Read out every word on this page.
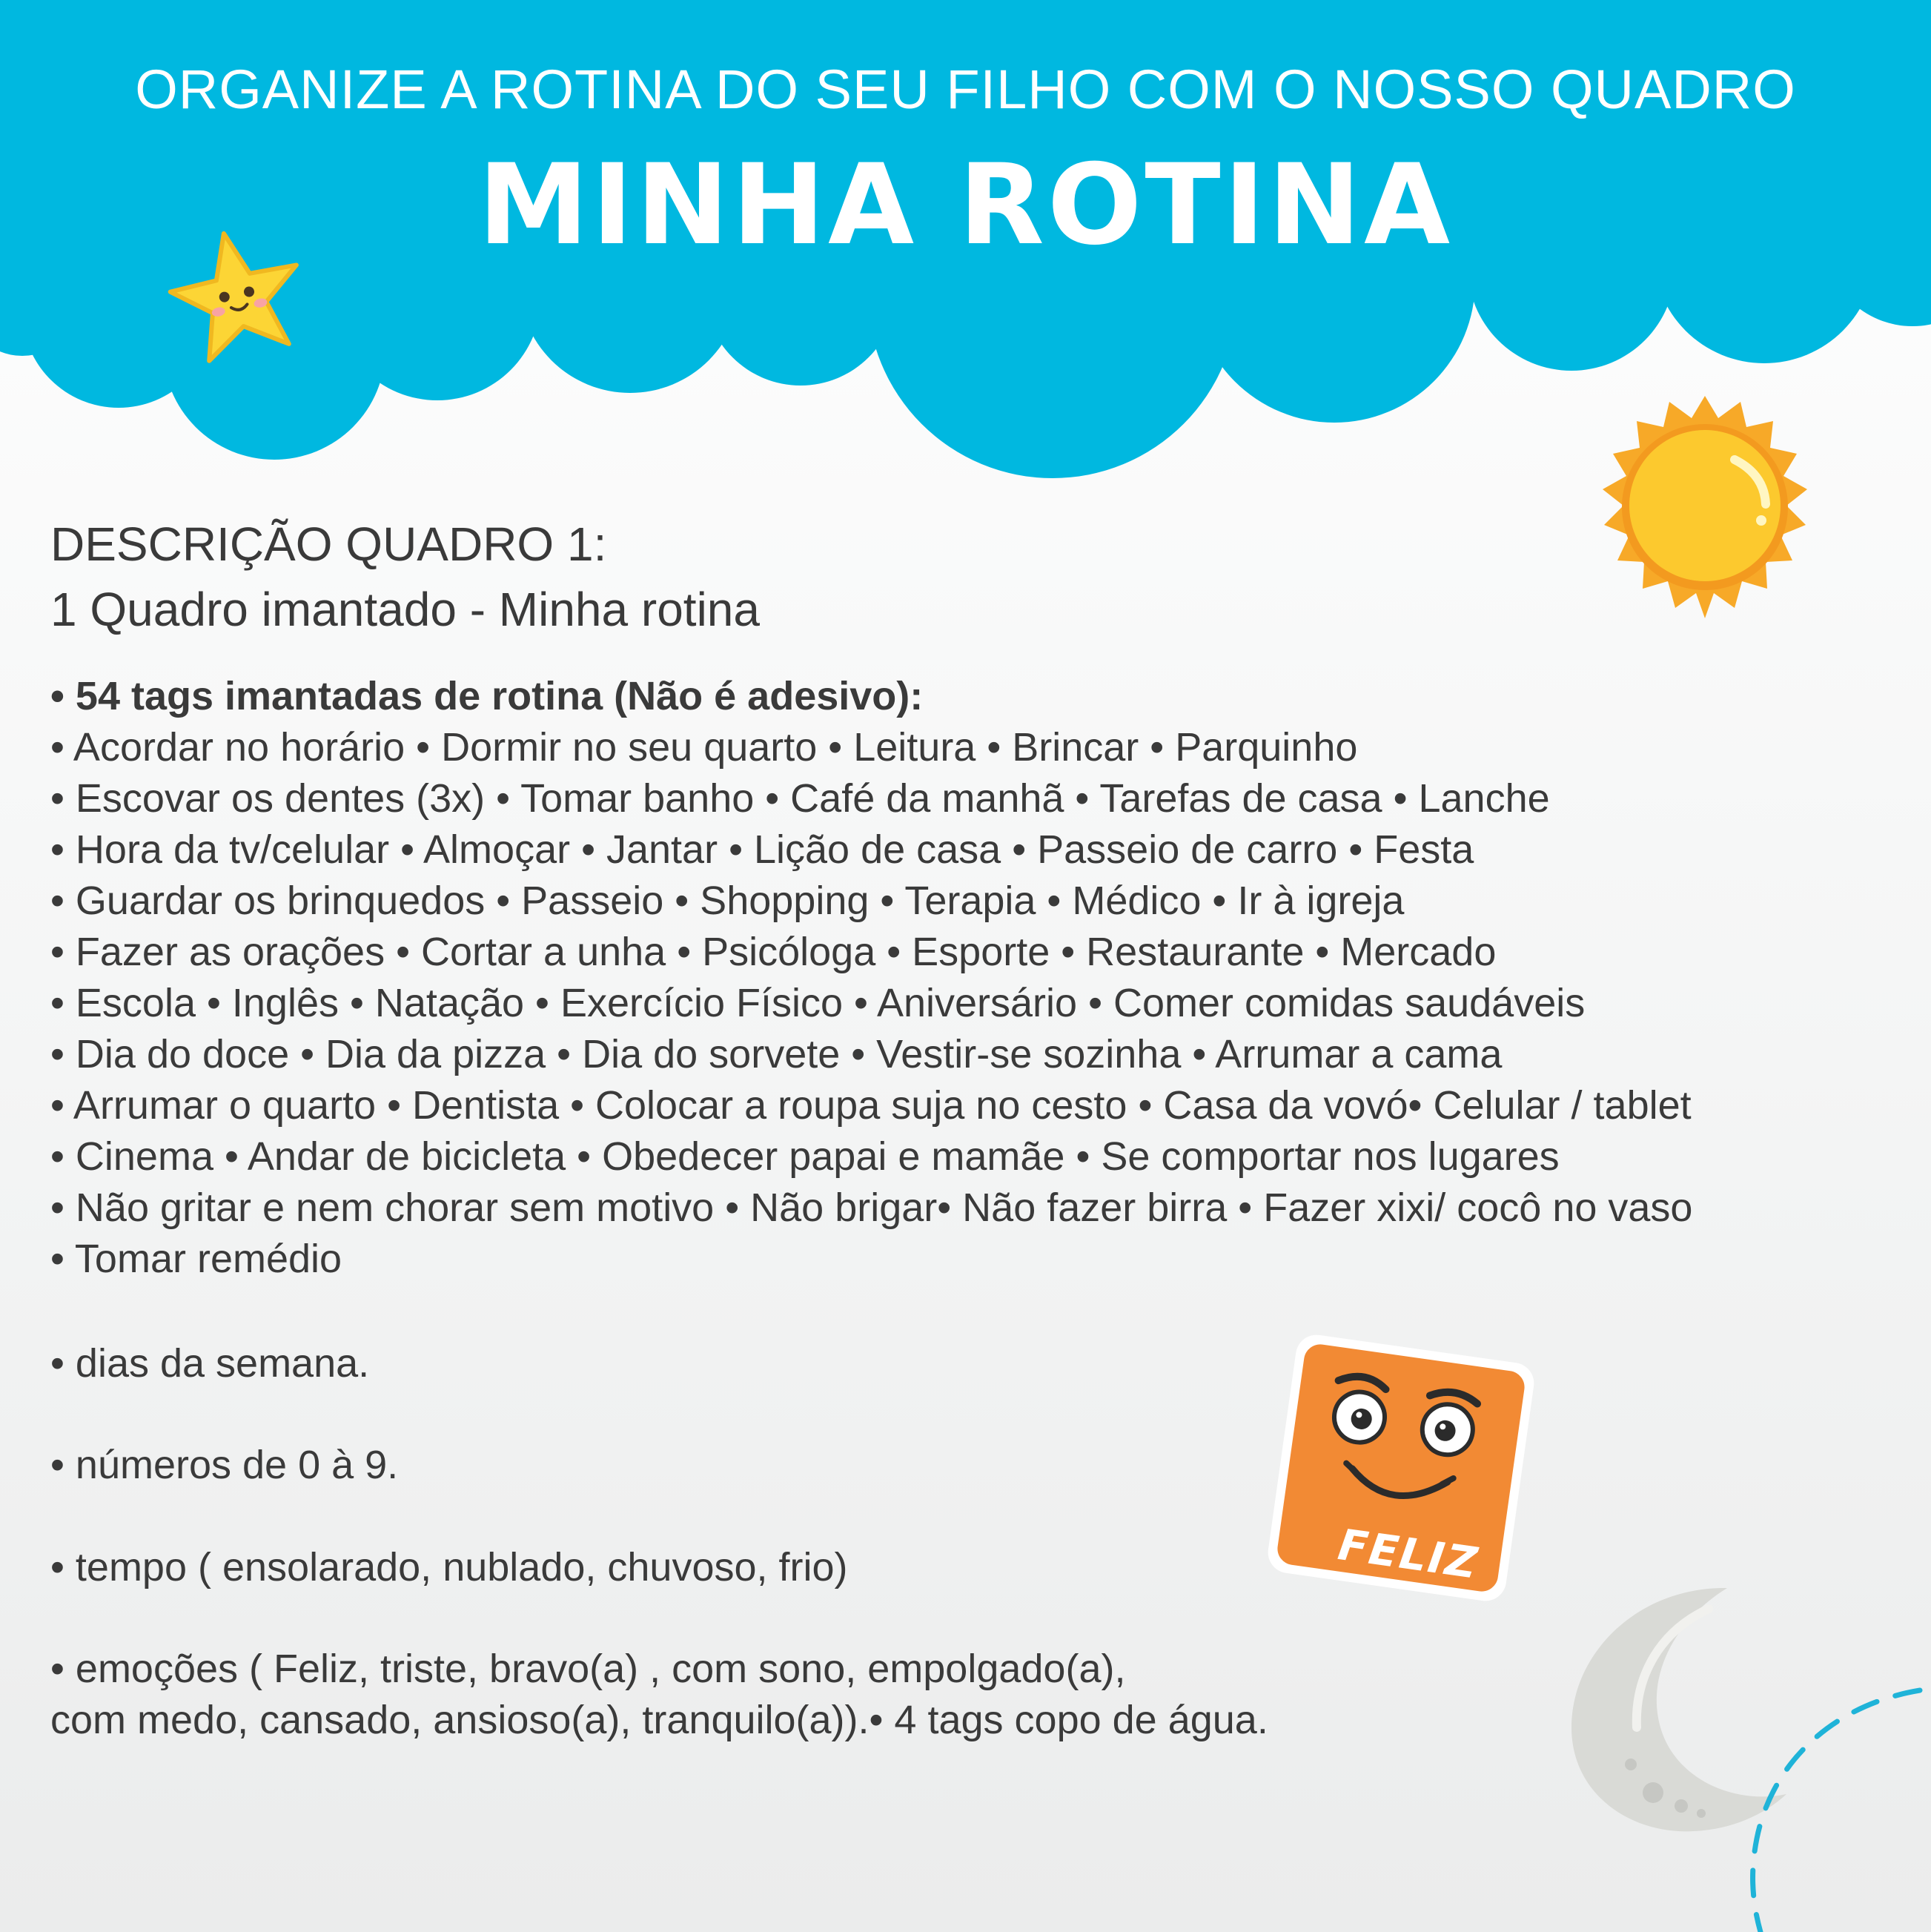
ORGANIZE A ROTINA DO SEU FILHO COM O NOSSO QUADRO
MINHA ROTINA
DESCRIÇÃO QUADRO 1:
1 Quadro imantado - Minha rotina

• 54 tags imantadas de rotina (Não é adesivo):

• Acordar no horário • Dormir no seu quarto • Leitura • Brincar • Parquinho

• Escovar os dentes (3x) • Tomar banho • Café da manhã • Tarefas de casa • Lanche

• Hora da tv/celular • Almoçar • Jantar • Lição de casa • Passeio de carro • Festa

• Guardar os brinquedos • Passeio • Shopping • Terapia • Médico • Ir à igreja

• Fazer as orações • Cortar a unha • Psicóloga • Esporte • Restaurante • Mercado

• Escola • Inglês • Natação • Exercício Físico • Aniversário • Comer comidas saudáveis

• Dia do doce • Dia da pizza • Dia do sorvete • Vestir-se sozinha • Arrumar a cama

• Arrumar o quarto • Dentista • Colocar a roupa suja no cesto • Casa da vovó• Celular / tablet

• Cinema • Andar de bicicleta • Obedecer papai e mamãe • Se comportar nos lugares

• Não gritar e nem chorar sem motivo • Não brigar• Não fazer birra • Fazer xixi/ cocô no vaso

• Tomar remédio

• dias da semana.
• números de 0 à 9.
• tempo ( ensolarado, nublado, chuvoso, frio)
• emoções ( Feliz, triste, bravo(a) , com sono, empolgado(a),
com medo, cansado, ansioso(a), tranquilo(a)).• 4 tags copo de água.
FELIZ
